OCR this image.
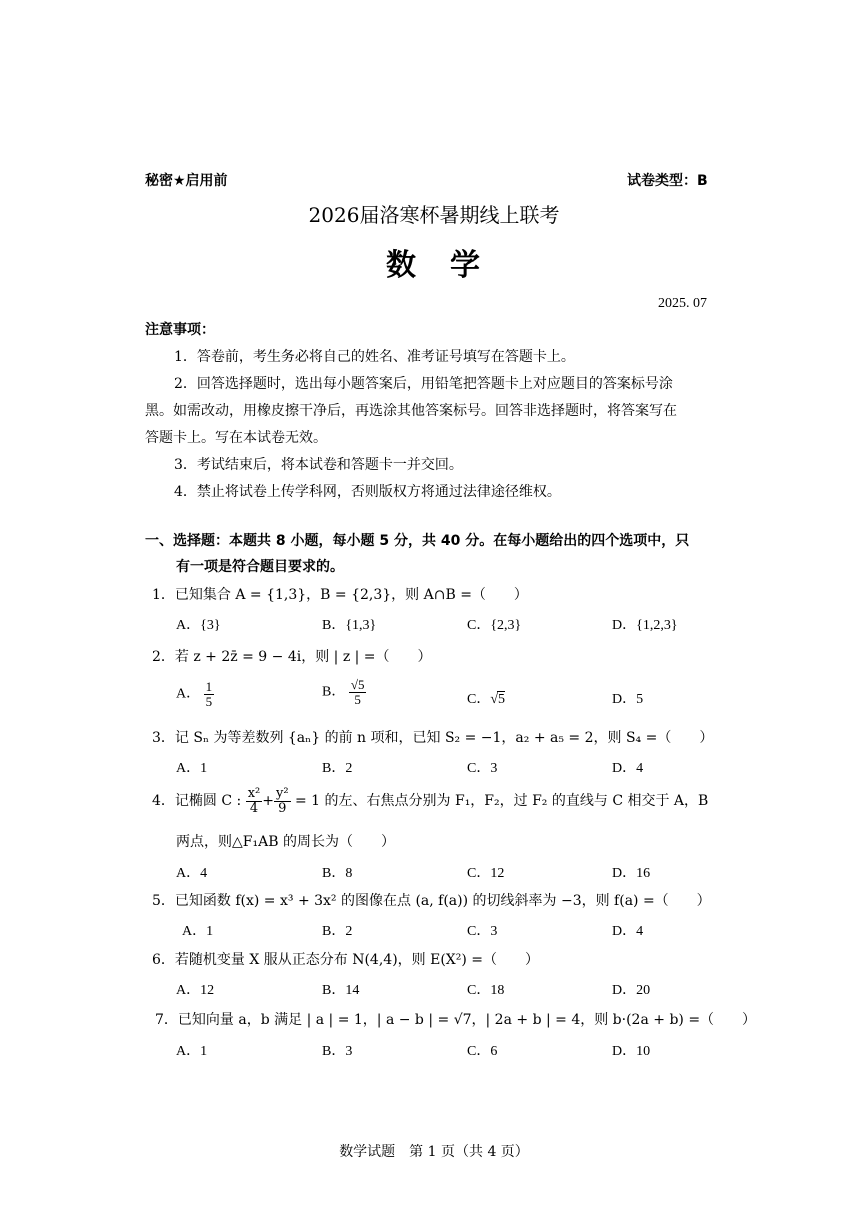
秘密★启用前	试卷类型：B
2026届洛寒杯暑期线上联考
数　学
2025. 07
注意事项：
1．答卷前，考生务必将自己的姓名、准考证号填写在答题卡上。
2．回答选择题时，选出每小题答案后，用铅笔把答题卡上对应题目的答案标号涂
黑。如需改动，用橡皮擦干净后，再选涂其他答案标号。回答非选择题时，将答案写在
答题卡上。写在本试卷无效。
3．考试结束后，将本试卷和答题卡一并交回。
4．禁止将试卷上传学科网，否则版权方将通过法律途径维权。
一、选择题：本题共 8 小题，每小题 5 分，共 40 分。在每小题给出的四个选项中，只
有一项是符合题目要求的。
1．已知集合 A = {1,3}，B = {2,3}，则 A∩B =（　　）
A．{3}	B．{1,3}	C．{2,3}	D．{1,2,3}
2．若 z + 2z̄ = 9 − 4i，则 | z | =（　　）
A． $\frac{1}{5}$	B． $\frac{√5}{5}$	C．√5	D．5
3．记 Sₙ 为等差数列 {aₙ} 的前 n 项和，已知 S₂ = −1，a₂ + a₅ = 2，则 S₄ =（　　）
A．1	B．2	C．3	D．4
4．记椭圆 C : $\frac{\text{x²}}{4} + \frac{\text{y²}}{9} = 1$ 的左、右焦点分别为 F₁，F₂，过 F₂ 的直线与 C 相交于 A，B
两点，则△F₁AB 的周长为（　　）
A．4	B．8	C．12	D．16
5．已知函数 f(x) = x³ + 3x² 的图像在点 (a, f(a)) 的切线斜率为 −3，则 f(a) =（　　）
A．1	B．2	C．3	D．4
6．若随机变量 X 服从正态分布 N(4,4)，则 E(X²) =（　　）
A．12	B．14	C．18	D．20
7．已知向量 a，b 满足 | a | = 1，| a − b | = √7，| 2a + b | = 4，则 b·(2a + b) =（　　）
A．1	B．3	C．6	D．10
数学试题　第 1 页（共 4 页）
